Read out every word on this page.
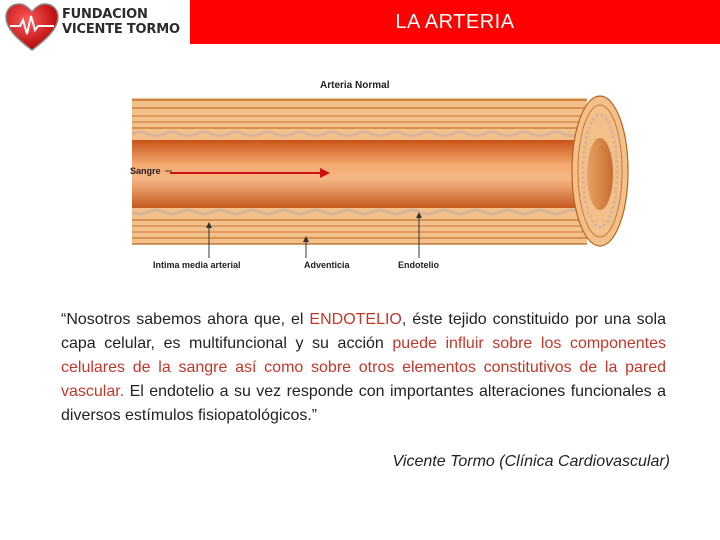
FUNDACION
VICENTE TORMO	LA ARTERIA
Arteria Normal
Sangre
Intima media arterial	Adventicia	Endotelio

“Nosotros sabemos ahora que, el ENDOTELIO, éste tejido constituido por una sola capa celular, es multifuncional y su acción puede influir sobre los componentes celulares de la sangre así como sobre otros elementos constitutivos de la pared vascular. El endotelio a su vez responde con importantes alteraciones funcionales a diversos estímulos fisiopatológicos.”

Vicente Tormo (Clínica Cardiovascular)
